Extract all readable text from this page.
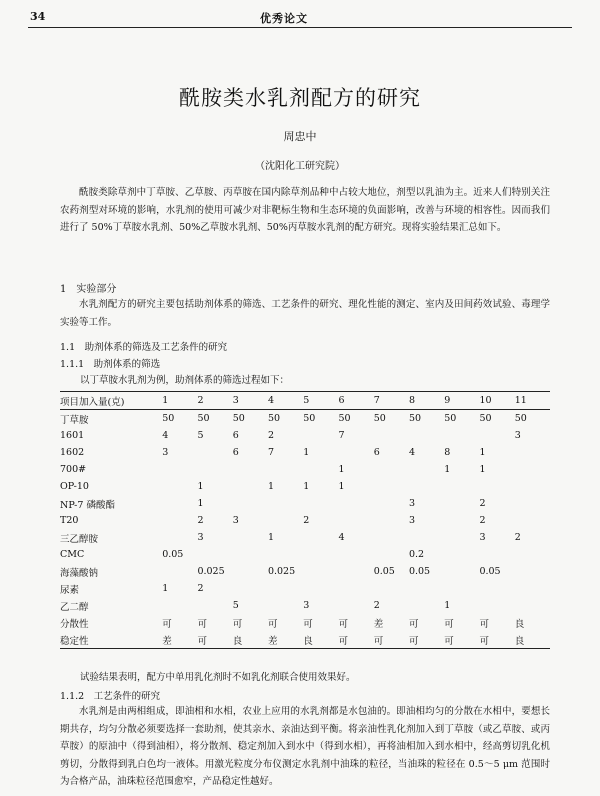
34	优秀论文
酰胺类水乳剂配方的研究
周忠中
（沈阳化工研究院）
酰胺类除草剂中丁草胺、乙草胺、丙草胺在国内除草剂品种中占较大地位，剂型以乳油为主。近来人们特别关注农药剂型对环境的影响，水乳剂的使用可减少对非靶标生物和生态环境的负面影响，改善与环境的相容性。因而我们进行了 50%丁草胺水乳剂、50%乙草胺水乳剂、50%丙草胺水乳剂的配方研究。现将实验结果汇总如下。
1　实验部分
水乳剂配方的研究主要包括助剂体系的筛选、工艺条件的研究、理化性能的测定、室内及田间药效试验、毒理学实验等工作。
1.1　助剂体系的筛选及工艺条件的研究
1.1.1　助剂体系的筛选
以丁草胺水乳剂为例，助剂体系的筛选过程如下：
项目加入量(克)	1	2	3	4	5	6	7	8	9	10	11
丁草胺	50	50	50	50	50	50	50	50	50	50	50
1601	4	5	6	2		7					3
1602	3		6	7	1		6	4	8	1	
700#						1			1	1	
OP-10		1		1	1	1					
NP-7 磷酸酯		1						3		2	
T20		2	3		2			3		2	
三乙醇胺		3		1		4				3	2
CMC	0.05							0.2			
海藻酸钠		0.025		0.025			0.05	0.05		0.05	
尿素	1	2									
乙二醇			5		3		2		1		
分散性	可	可	可	可	可	可	差	可	可	可	良
稳定性	差	可	良	差	良	可	可	可	可	可	良
试验结果表明，配方中单用乳化剂时不如乳化剂联合使用效果好。
1.1.2　工艺条件的研究
水乳剂是由两相组成，即油相和水相，农业上应用的水乳剂都是水包油的。即油相均匀的分散在水相中，要想长期共存，均匀分散必须要选择一套助剂，使其亲水、亲油达到平衡。将亲油性乳化剂加入到丁草胺（或乙草胺、或丙草胺）的原油中（得到油相），将分散剂、稳定剂加入到水中（得到水相），再将油相加入到水相中，经高剪切乳化机剪切，分散得到乳白色均一液体。用激光粒度分布仪测定水乳剂中油珠的粒径，当油珠的粒径在 0.5～5 μm 范围时为合格产品，油珠粒径范围愈窄，产品稳定性越好。
